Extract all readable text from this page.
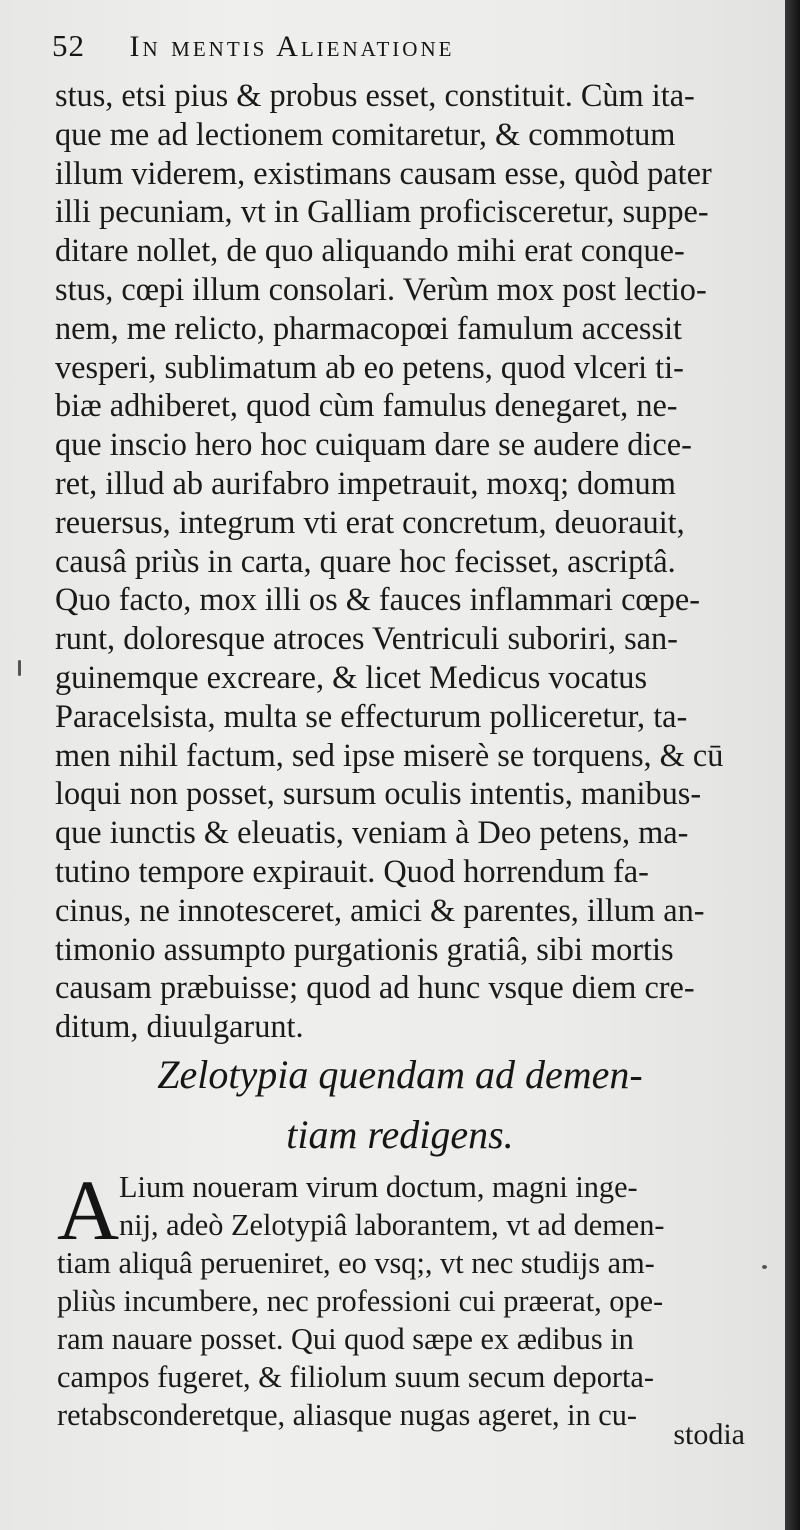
52 In mentis Alienatione
stus, etsi pius & probus esset, constituit. Cùm ita-
que me ad lectionem comitaretur, & commotum
illum viderem, existimans causam esse, quòd pater
illi pecuniam, vt in Galliam proficisceretur, suppe-
ditare nollet, de quo aliquando mihi erat conque-
stus, cœpi illum consolari. Verùm mox post lectio-
nem, me relicto, pharmacopœi famulum accessit
vesperi, sublimatum ab eo petens, quod vlceri ti-
biæ adhiberet, quod cùm famulus denegaret, ne-
que inscio hero hoc cuiquam dare se audere dice-
ret, illud ab aurifabro impetrauit, moxq; domum
reuersus, integrum vti erat concretum, deuorauit,
causâ priùs in carta, quare hoc fecisset, ascriptâ.
Quo facto, mox illi os & fauces inflammari cœpe-
runt, doloresque atroces Ventriculi suboriri, san-
guinemque excreare, & licet Medicus vocatus
Paracelsista, multa se effecturum polliceretur, ta-
men nihil factum, sed ipse miserè se torquens, & cū
loqui non posset, sursum oculis intentis, manibus-
que iunctis & eleuatis, veniam à Deo petens, ma-
tutino tempore expirauit. Quod horrendum fa-
cinus, ne innotesceret, amici & parentes, illum an-
timonio assumpto purgationis gratiâ, sibi mortis
causam præbuisse; quod ad hunc vsque diem cre-
ditum, diuulgarunt.
Zelotypia quendam ad demen-
tiam redigens.
A Lium noueram virum doctum, magni inge-
nij, adeò Zelotypiâ laborantem, vt ad demen-
tiam aliquâ perueniret, eo vsq;, vt nec studijs am-
pliùs incumbere, nec professioni cui præerat, ope-
ram nauare posset. Qui quod sæpe ex ædibus in
campos fugeret, & filiolum suum secum deporta-
retabsconderetque, aliasque nugas ageret, in cu-
stodia
